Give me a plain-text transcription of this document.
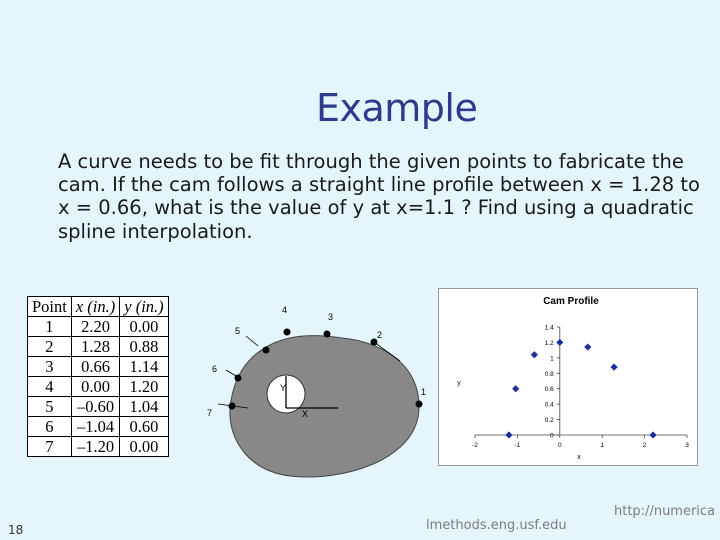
Example
A curve needs to be fit through the given points to fabricate the cam. If the cam follows a straight line profile between x = 1.28 to x = 0.66, what is the value of y at x=1.1 ? Find using a quadratic spline interpolation.
Point	x (in.)	y (in.)
1	2.20	0.00
2	1.28	0.88
3	0.66	1.14
4	0.00	1.20
5	–0.60	1.04
6	–1.04	0.60
7	–1.20	0.00
1
2
3
4
5
6
7	X
Y
Cam Profile
y
x
-2	-1	0	1	2	3
0
0.2
0.4
0.6
0.8
1
1.2
1.4
18	lmethods.eng.usf.edu
http://numerica
